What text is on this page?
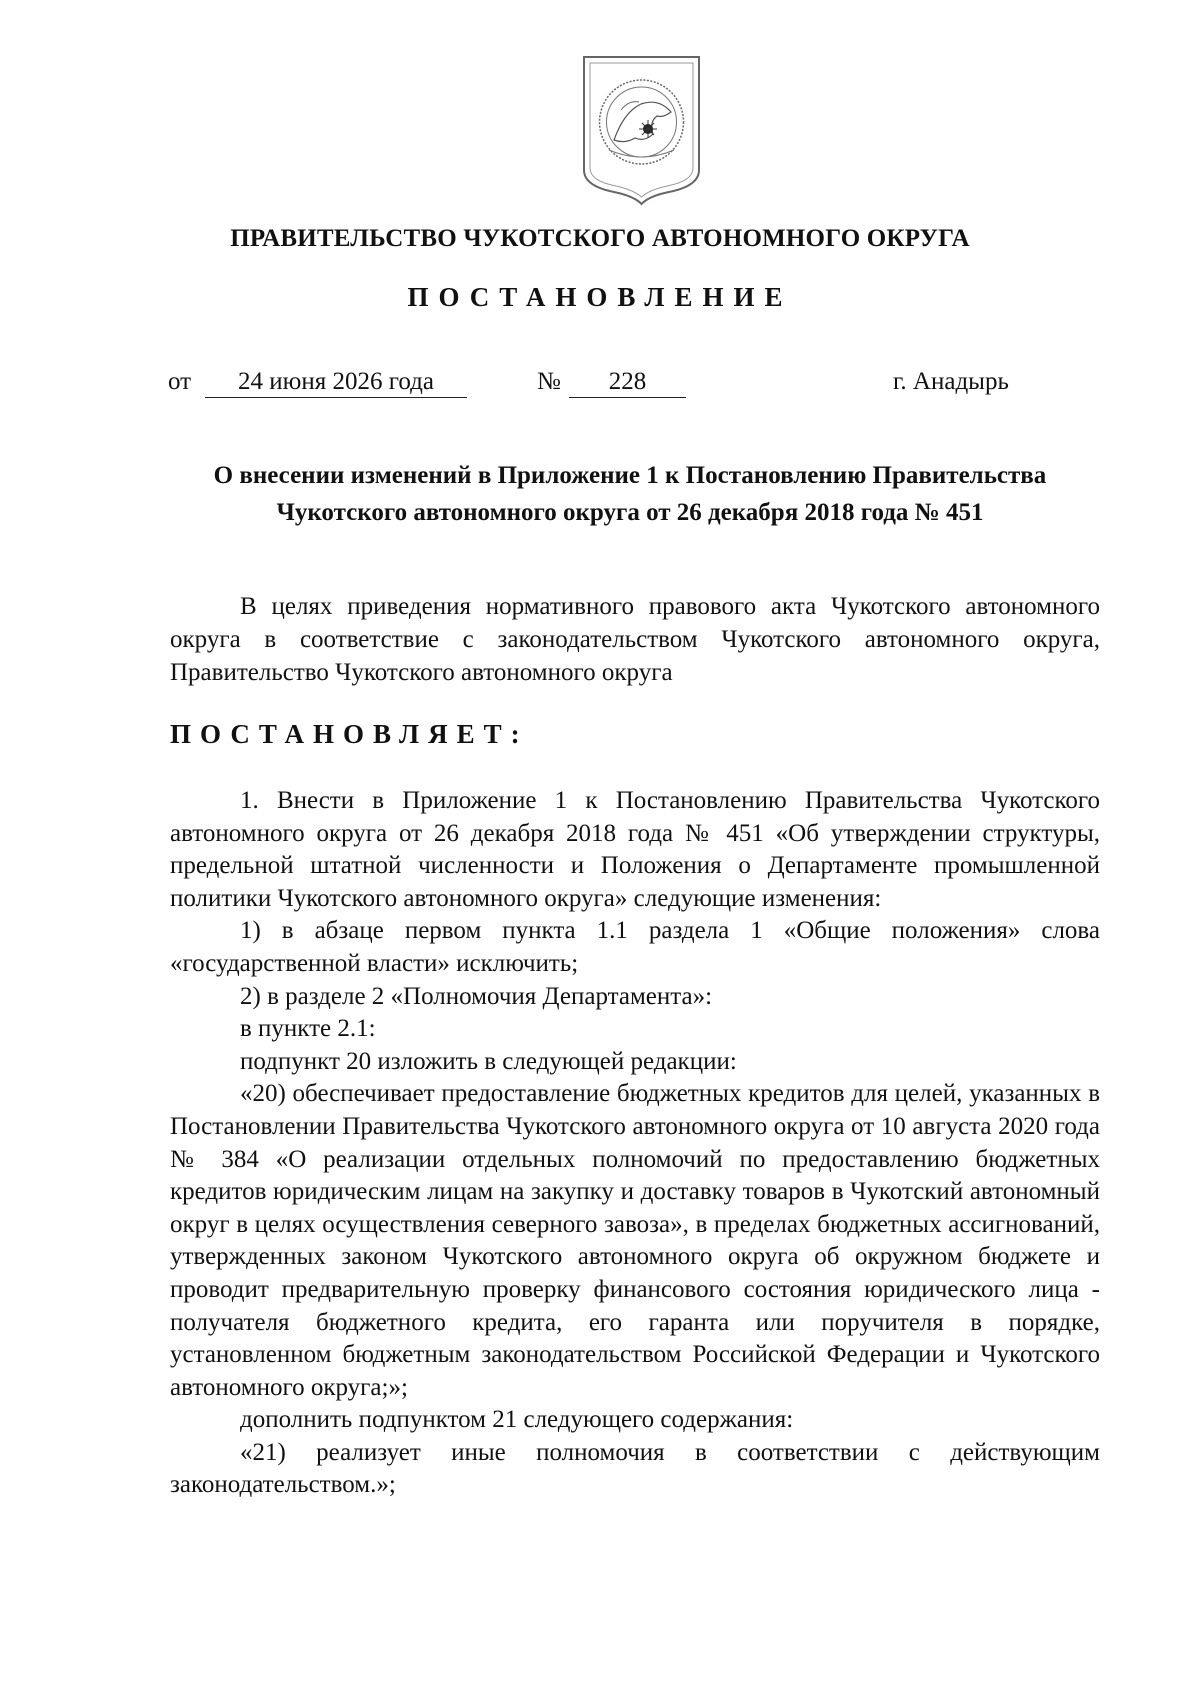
ПРАВИТЕЛЬСТВО ЧУКОТСКОГО АВТОНОМНОГО ОКРУГА
ПОСТАНОВЛЕНИЕ
от	24 июня 2026 года	№	228	г. Анадырь
О внесении изменений в Приложение 1 к Постановлению Правительства
Чукотского автономного округа от 26 декабря 2018 года № 451

В целях приведения нормативного правового акта Чукотского автономного округа в соответствие с законодательством Чукотского автономного округа, Правительство Чукотского автономного округа

ПОСТАНОВЛЯЕТ:

1. Внести в Приложение 1 к Постановлению Правительства Чукотского автономного округа от 26 декабря 2018 года № 451 «Об утверждении структуры, предельной штатной численности и Положения о Департаменте промышленной политики Чукотского автономного округа» следующие изменения:

1) в абзаце первом пункта 1.1 раздела 1 «Общие положения» слова «государственной власти» исключить;

2) в разделе 2 «Полномочия Департамента»:

в пункте 2.1:

подпункт 20 изложить в следующей редакции:

«20) обеспечивает предоставление бюджетных кредитов для целей, указанных в Постановлении Правительства Чукотского автономного округа от 10 августа 2020 года № 384 «О реализации отдельных полномочий по предоставлению бюджетных кредитов юридическим лицам на закупку и доставку товаров в Чукотский автономный округ в целях осуществления северного завоза», в пределах бюджетных ассигнований, утвержденных законом Чукотского автономного округа об окружном бюджете и проводит предварительную проверку финансового состояния юридического лица - получателя бюджетного кредита, его гаранта или поручителя в порядке, установленном бюджетным законодательством Российской Федерации и Чукотского автономного округа;»;

дополнить подпунктом 21 следующего содержания:

«21) реализует иные полномочия в соответствии с действующим законодательством.»;
